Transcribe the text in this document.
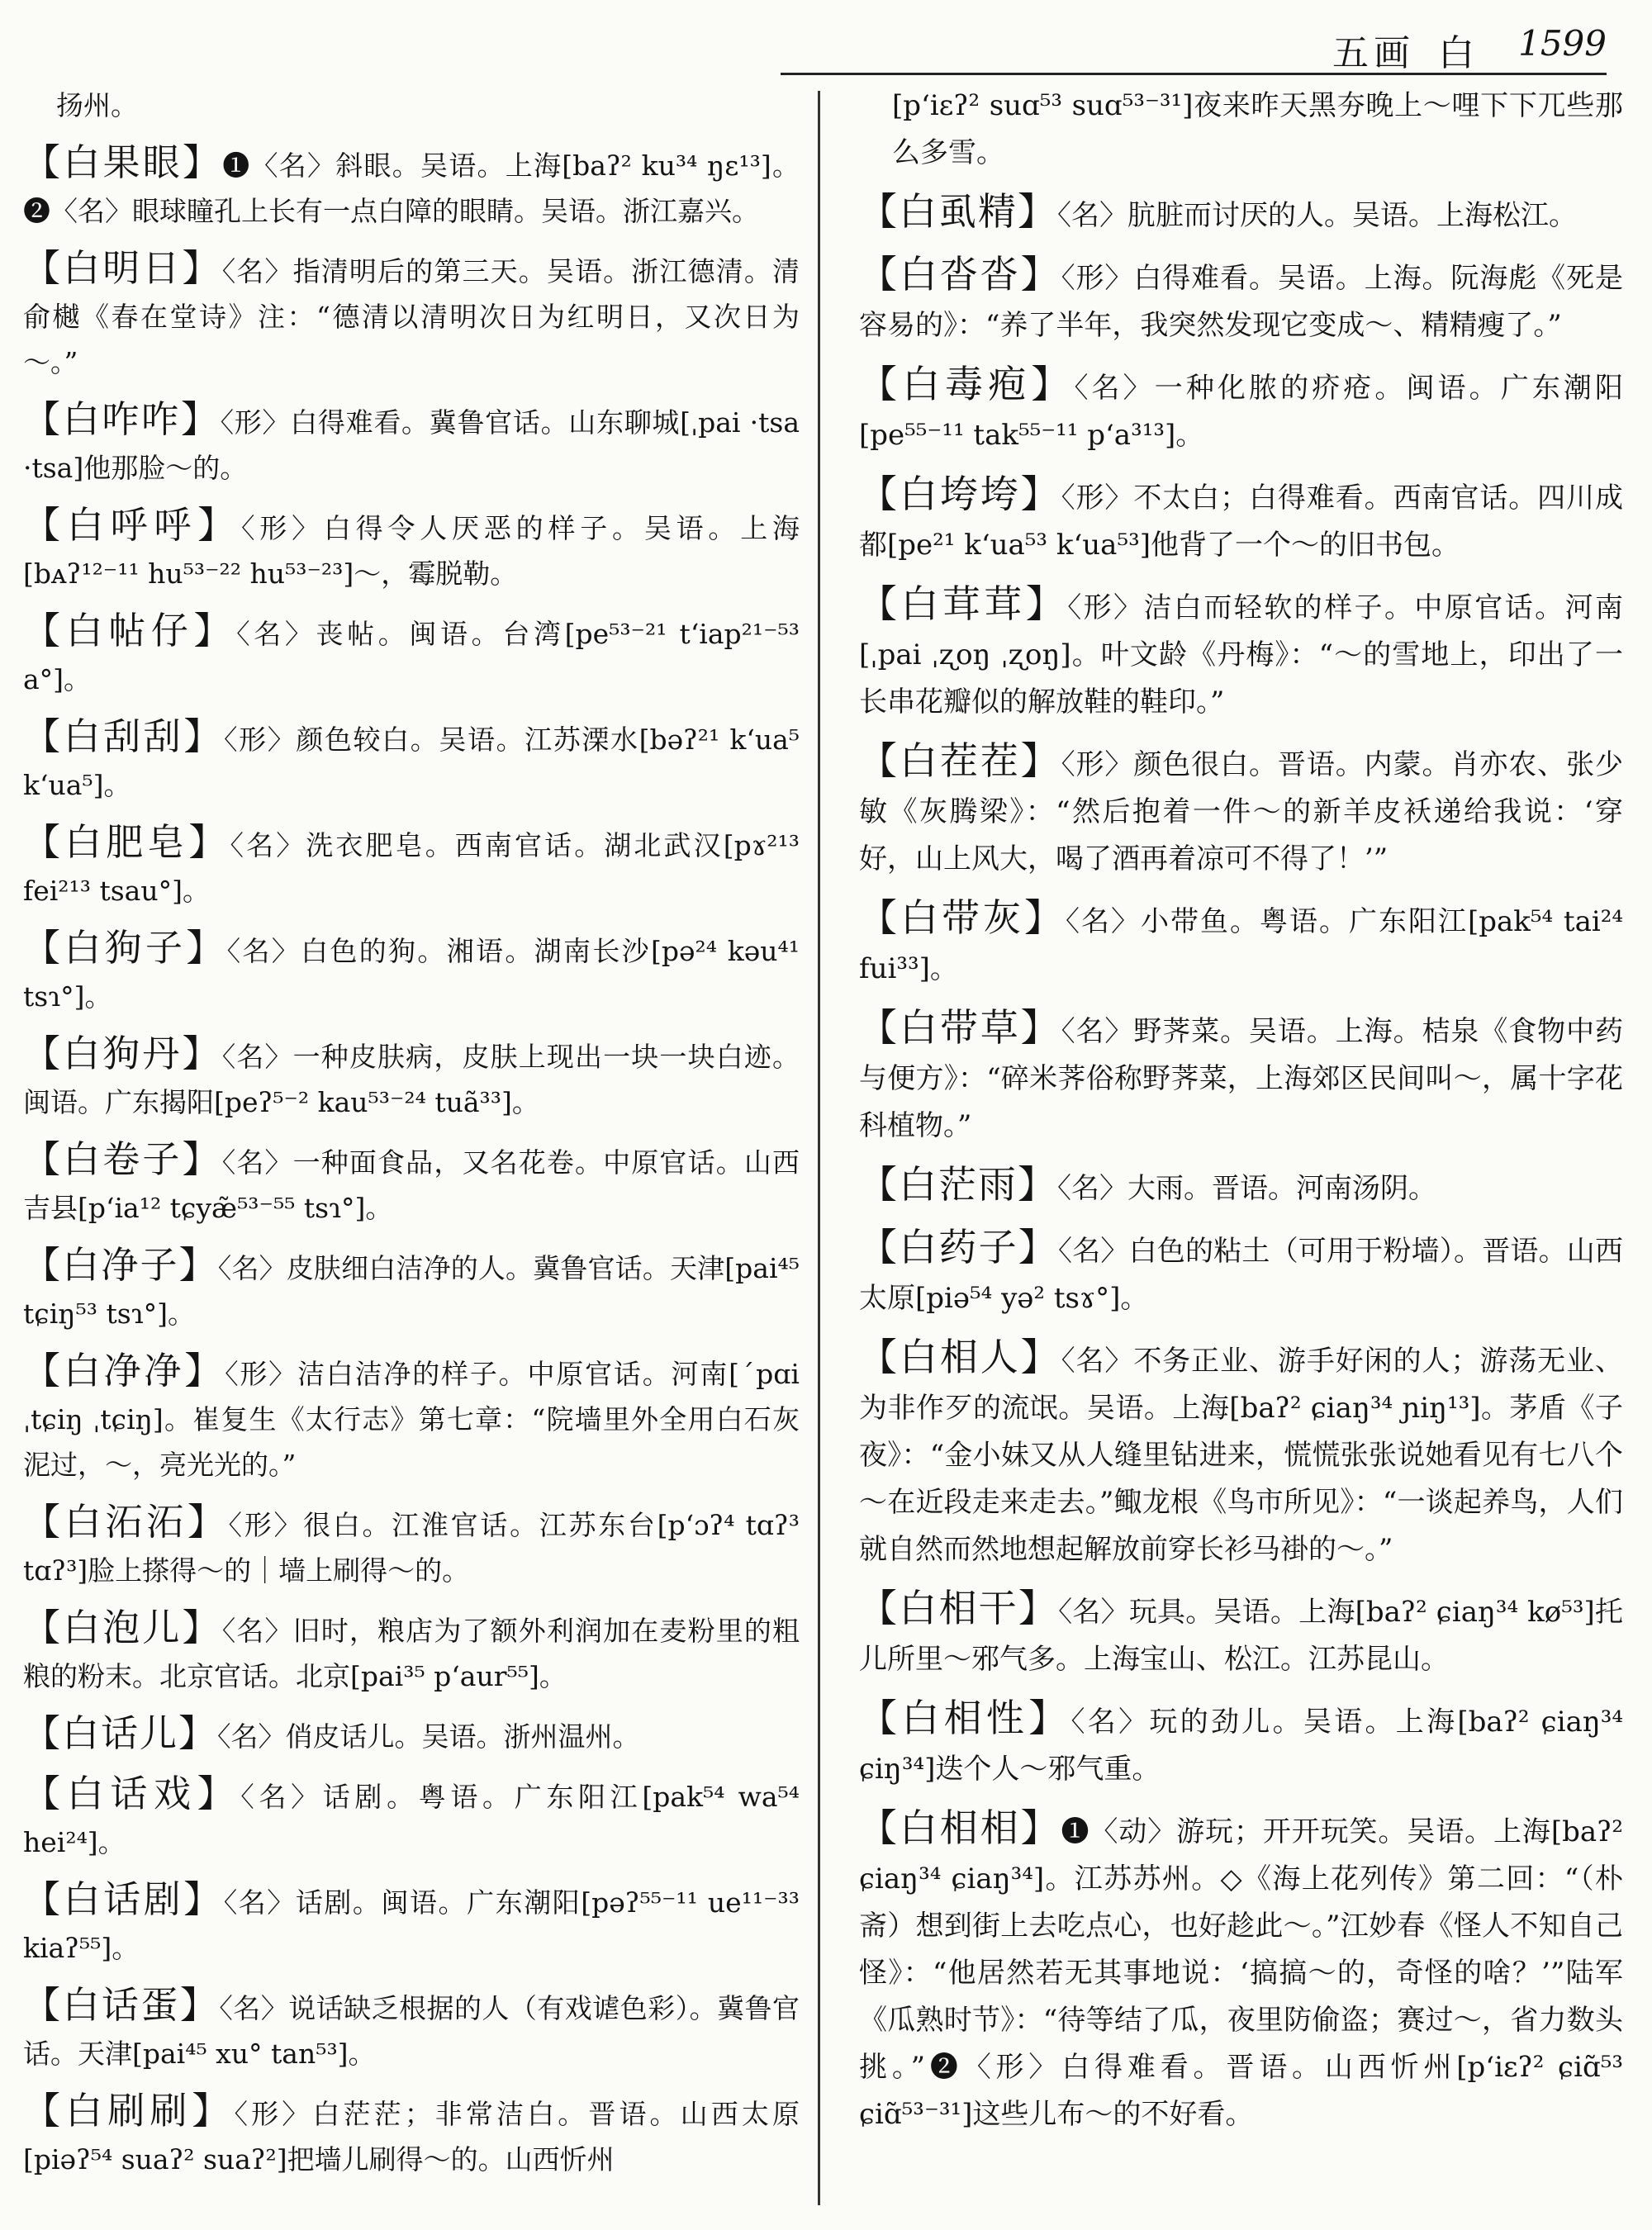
五画 白 1599
扬州。
【白果眼】❶〈名〉斜眼。吴语。上海[baʔ² ku³⁴ ŋɛ¹³]。❷〈名〉眼球瞳孔上长有一点白障的眼睛。吴语。浙江嘉兴。
【白明日】〈名〉指清明后的第三天。吴语。浙江德清。清俞樾《春在堂诗》注：“德清以清明次日为红明日，又次日为～。”
【白咋咋】〈形〉白得难看。冀鲁官话。山东聊城[ˌpai ·tsa ·tsa]他那脸～的。
【白呼呼】〈形〉白得令人厌恶的样子。吴语。上海[bᴀʔ¹²⁻¹¹ hu⁵³⁻²² hu⁵³⁻²³]～，霉脱勒。
【白帖仔】〈名〉丧帖。闽语。台湾[pe⁵³⁻²¹ tʻiap²¹⁻⁵³ a°]。
【白刮刮】〈形〉颜色较白。吴语。江苏溧水[bəʔ²¹ kʻua⁵ kʻua⁵]。
【白肥皂】〈名〉洗衣肥皂。西南官话。湖北武汉[pɤ²¹³ fei²¹³ tsau°]。
【白狗子】〈名〉白色的狗。湘语。湖南长沙[pə²⁴ kəu⁴¹ tsɿ°]。
【白狗丹】〈名〉一种皮肤病，皮肤上现出一块一块白迹。闽语。广东揭阳[peʔ⁵⁻² kau⁵³⁻²⁴ tuã³³]。
【白卷子】〈名〉一种面食品，又名花卷。中原官话。山西吉县[pʻia¹² tɕyæ̃⁵³⁻⁵⁵ tsɿ°]。
【白净子】〈名〉皮肤细白洁净的人。冀鲁官话。天津[pai⁴⁵ tɕiŋ⁵³ tsɿ°]。
【白净净】〈形〉洁白洁净的样子。中原官话。河南[ˊpɑi ˌtɕiŋ ˌtɕiŋ]。崔复生《太行志》第七章：“院墙里外全用白石灰泥过，～，亮光光的。”
【白沰沰】〈形〉很白。江淮官话。江苏东台[pʻɔʔ⁴ tɑʔ³ tɑʔ³]脸上搽得～的｜墙上刷得～的。
【白泡儿】〈名〉旧时，粮店为了额外利润加在麦粉里的粗粮的粉末。北京官话。北京[pai³⁵ pʻaur⁵⁵]。
【白话儿】〈名〉俏皮话儿。吴语。浙州温州。
【白话戏】〈名〉话剧。粤语。广东阳江[pak⁵⁴ wa⁵⁴ hei²⁴]。
【白话剧】〈名〉话剧。闽语。广东潮阳[pəʔ⁵⁵⁻¹¹ ue¹¹⁻³³ kiaʔ⁵⁵]。
【白话蛋】〈名〉说话缺乏根据的人（有戏谑色彩）。冀鲁官话。天津[pai⁴⁵ xu° tan⁵³]。
【白刷刷】〈形〉白茫茫；非常洁白。晋语。山西太原[piəʔ⁵⁴ suaʔ² suaʔ²]把墙儿刷得～的。山西忻州
[pʻiɛʔ² suɑ⁵³ suɑ⁵³⁻³¹]夜来昨天黑夯晚上～哩下下兀些那么多雪。
【白虱精】〈名〉肮脏而讨厌的人。吴语。上海松江。
【白沓沓】〈形〉白得难看。吴语。上海。阮海彪《死是容易的》：“养了半年，我突然发现它变成～、精精瘦了。”
【白毒疱】〈名〉一种化脓的疥疮。闽语。广东潮阳[pe⁵⁵⁻¹¹ tak⁵⁵⁻¹¹ pʻa³¹³]。
【白垮垮】〈形〉不太白；白得难看。西南官话。四川成都[pe²¹ kʻua⁵³ kʻua⁵³]他背了一个～的旧书包。
【白茸茸】〈形〉洁白而轻软的样子。中原官话。河南[ˌpai ˌʐoŋ ˌʐoŋ]。叶文龄《丹梅》：“～的雪地上，印出了一长串花瓣似的解放鞋的鞋印。”
【白茬茬】〈形〉颜色很白。晋语。内蒙。肖亦农、张少敏《灰腾梁》：“然后抱着一件～的新羊皮袄递给我说：‘穿好，山上风大，喝了酒再着凉可不得了！’”
【白带灰】〈名〉小带鱼。粤语。广东阳江[pak⁵⁴ tai²⁴ fui³³]。
【白带草】〈名〉野荠菜。吴语。上海。桔泉《食物中药与便方》：“碎米荠俗称野荠菜，上海郊区民间叫～，属十字花科植物。”
【白茫雨】〈名〉大雨。晋语。河南汤阴。
【白药子】〈名〉白色的粘土（可用于粉墙）。晋语。山西太原[piə⁵⁴ yə² tsɤ°]。
【白相人】〈名〉不务正业、游手好闲的人；游荡无业、为非作歹的流氓。吴语。上海[baʔ² ɕiaŋ³⁴ ɲiŋ¹³]。茅盾《子夜》：“金小妹又从人缝里钻进来，慌慌张张说她看见有七八个～在近段走来走去。”鲰龙根《鸟市所见》：“一谈起养鸟，人们就自然而然地想起解放前穿长衫马褂的～。”
【白相干】〈名〉玩具。吴语。上海[baʔ² ɕiaŋ³⁴ kø⁵³]托儿所里～邪气多。上海宝山、松江。江苏昆山。
【白相性】〈名〉玩的劲儿。吴语。上海[baʔ² ɕiaŋ³⁴ ɕiŋ³⁴]迭个人～邪气重。
【白相相】❶〈动〉游玩；开开玩笑。吴语。上海[baʔ² ɕiaŋ³⁴ ɕiaŋ³⁴]。江苏苏州。◇《海上花列传》第二回：“（朴斋）想到街上去吃点心，也好趁此～。”江妙春《怪人不知自己怪》：“他居然若无其事地说：‘搞搞～的，奇怪的啥？’”陆军《瓜熟时节》：“待等结了瓜，夜里防偷盗；赛过～，省力数头挑。”❷〈形〉白得难看。晋语。山西忻州[pʻiɛʔ² ɕiɑ̃⁵³ ɕiɑ̃⁵³⁻³¹]这些儿布～的不好看。
